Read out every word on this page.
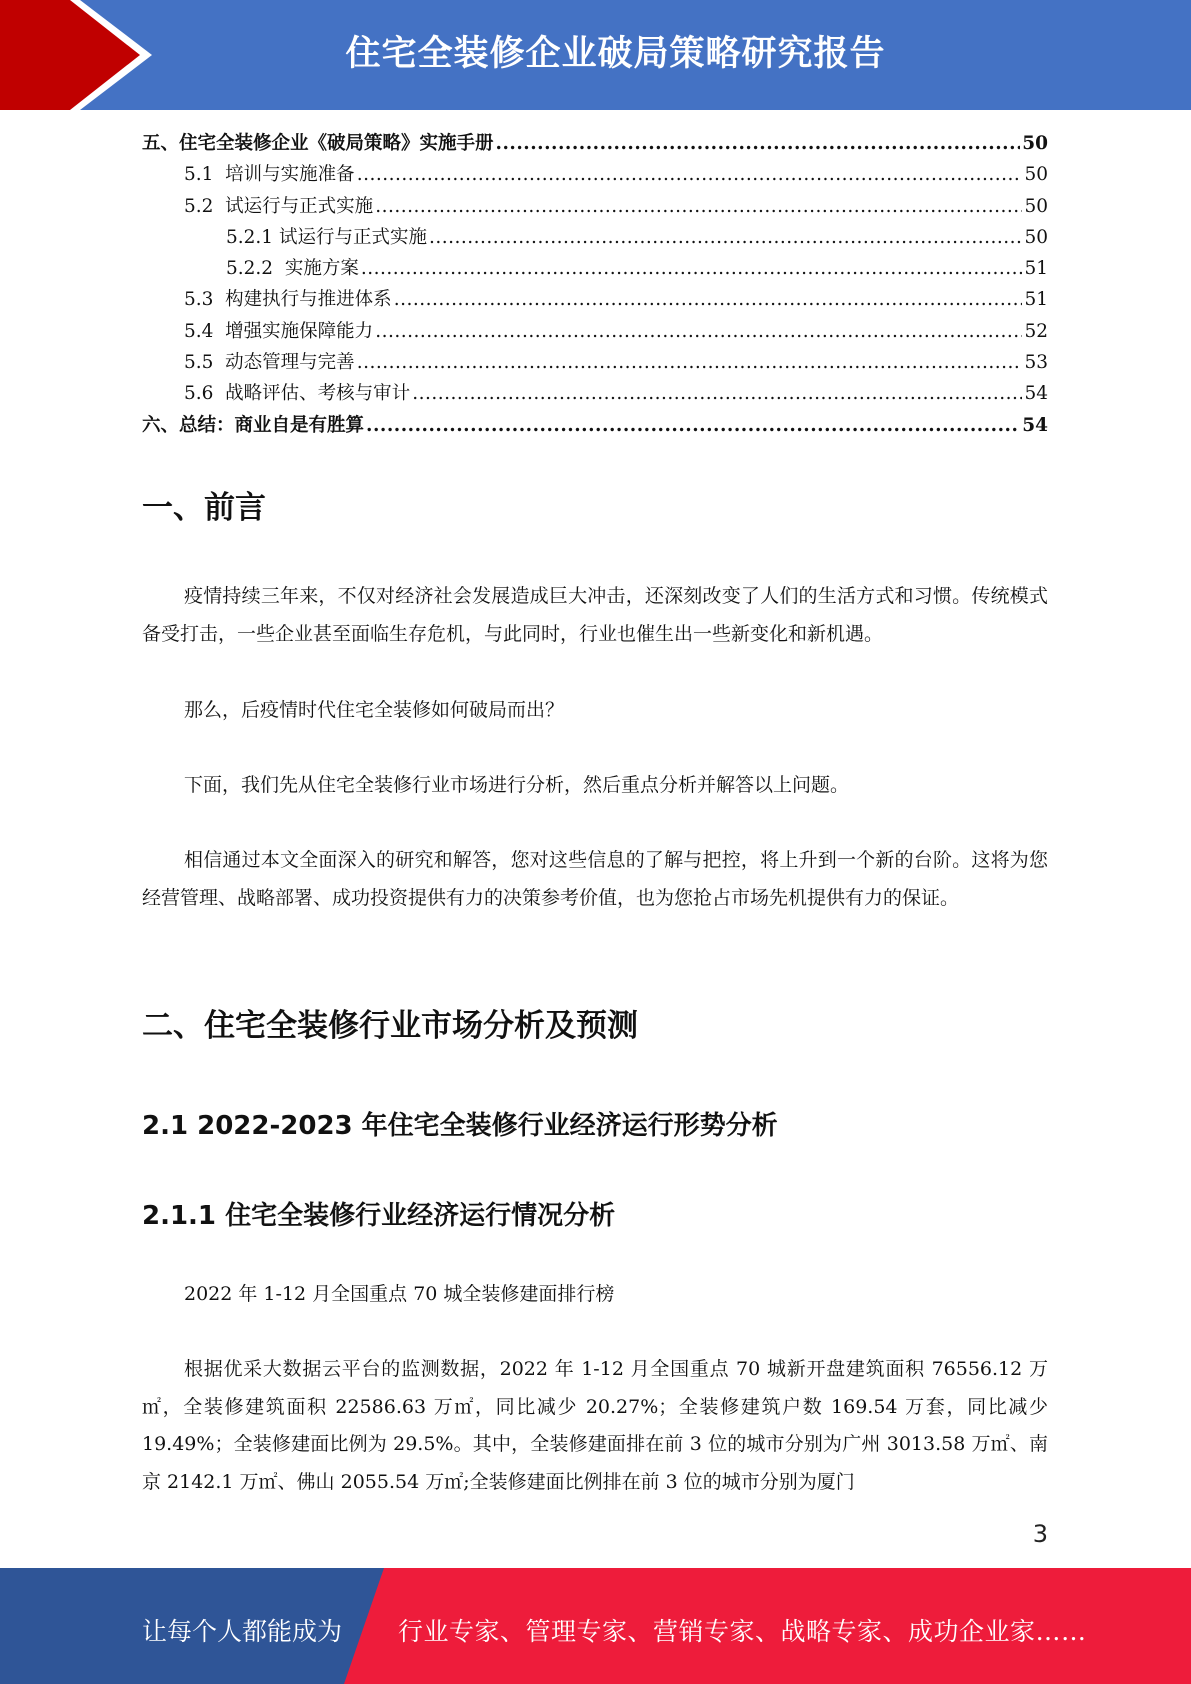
住宅全装修企业破局策略研究报告
五、住宅全装修企业《破局策略》实施手册 .....	50
5.1  培训与实施准备 .....	50
5.2  试运行与正式实施 .....	50
5.2.1 试运行与正式实施 .....	50
5.2.2  实施方案 .....	51
5.3  构建执行与推进体系 .....	51
5.4  增强实施保障能力 .....	52
5.5  动态管理与完善 .....	53
5.6  战略评估、考核与审计 .....	54
六、总结：商业自是有胜算 .....	54
一、前言
疫情持续三年来，不仅对经济社会发展造成巨大冲击，还深刻改变了人们的生活方式和习惯。传统模式备受打击，一些企业甚至面临生存危机，与此同时，行业也催生出一些新变化和新机遇。
那么，后疫情时代住宅全装修如何破局而出？
下面，我们先从住宅全装修行业市场进行分析，然后重点分析并解答以上问题。
相信通过本文全面深入的研究和解答，您对这些信息的了解与把控，将上升到一个新的台阶。这将为您经营管理、战略部署、成功投资提供有力的决策参考价值，也为您抢占市场先机提供有力的保证。
二、住宅全装修行业市场分析及预测
2.1 2022-2023 年住宅全装修行业经济运行形势分析
2.1.1 住宅全装修行业经济运行情况分析
2022 年 1-12 月全国重点 70 城全装修建面排行榜
根据优采大数据云平台的监测数据，2022 年 1-12 月全国重点 70 城新开盘建筑面积 76556.12 万㎡，全装修建筑面积 22586.63 万㎡，同比减少 20.27%；全装修建筑户数 169.54 万套，同比减少 19.49%；全装修建面比例为 29.5%。其中，全装修建面排在前 3 位的城市分别为广州 3013.58 万㎡、南京 2142.1 万㎡、佛山 2055.54 万㎡;全装修建面比例排在前 3 位的城市分别为厦门
3
让每个人都能成为 行业专家、管理专家、营销专家、战略专家、成功企业家……
